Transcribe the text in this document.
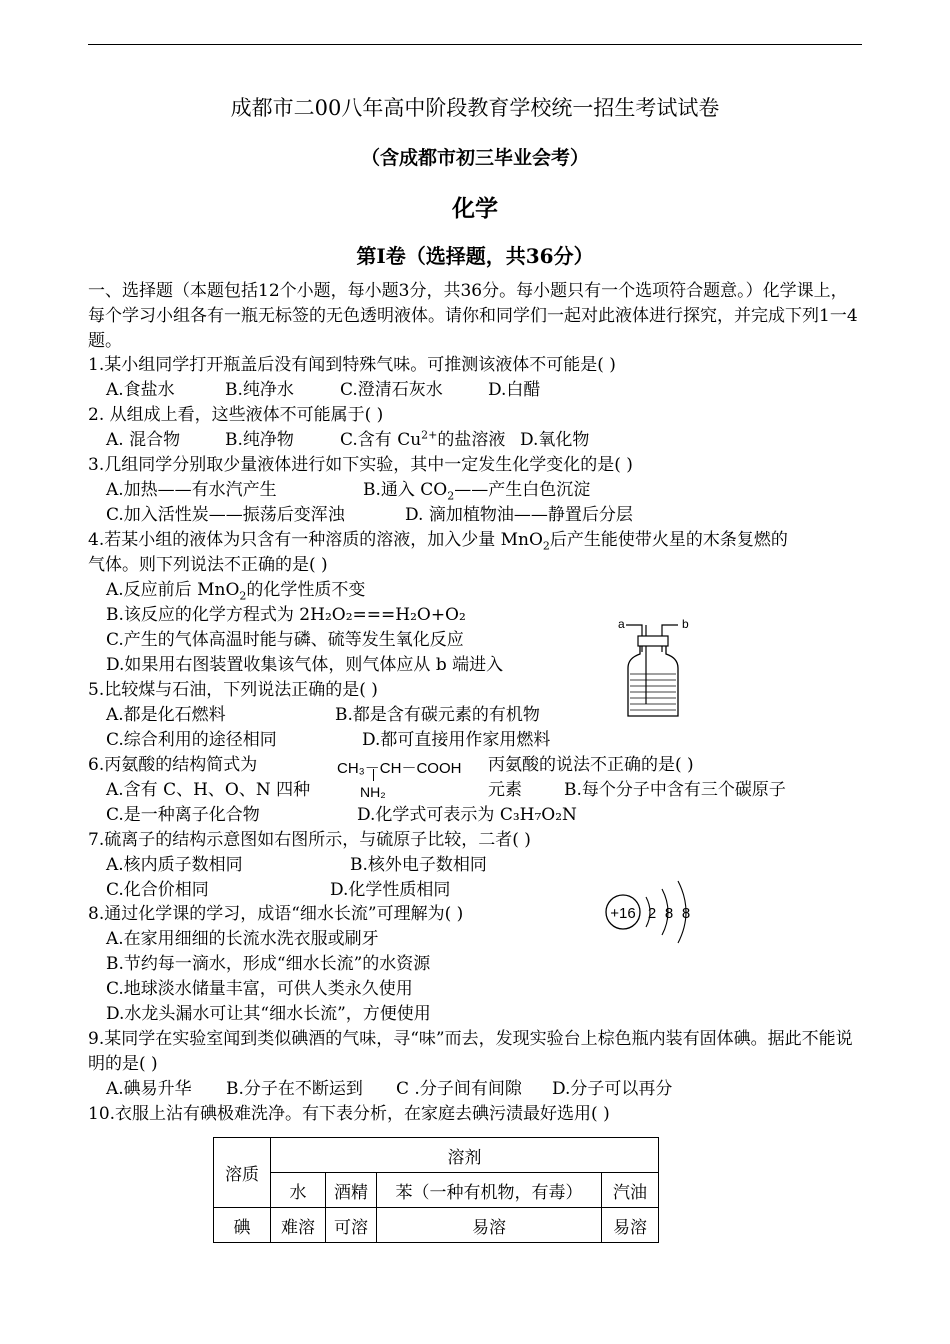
成都市二00八年高中阶段教育学校统一招生考试试卷
（含成都市初三毕业会考）
化学
第Ⅰ卷（选择题，共36分）
一、选择题（本题包括12个小题，每小题3分，共36分。每小题只有一个选项符合题意。）化学课上，每个学习小组各有一瓶无标签的无色透明液体。请你和同学们一起对此液体进行探究，并完成下列1一4题。
1.某小组同学打开瓶盖后没有闻到特殊气味。可推测该液体不可能是( )
A.食盐水	B.纯净水	C.澄清石灰水	D.白醋
2. 从组成上看，这些液体不可能属于( )
A. 混合物	B.纯净物	C.含有 $Cu^{2+}$的盐溶液 D.氧化物
3.几组同学分别取少量液体进行如下实验，其中一定发生化学变化的是( )
A.加热——有水汽产生	B.通入 $CO_2——$产生白色沉淀
C.加入活性炭——振荡后变浑浊	D. 滴加植物油——静置后分层
4.若某小组的液体为只含有一种溶质的溶液，加入少量 MnO$_2$后产生能使带火星的木条复燃的
气体。则下列说法不正确的是( )
A.反应前后 MnO$_2$的化学性质不变
B.该反应的化学方程式为 2H₂O₂===H₂O+O₂
C.产生的气体高温时能与磷、硫等发生氧化反应
D.如果用右图装置收集该气体，则气体应从 b 端进入
a	b
5.比较煤与石油，下列说法正确的是( )
A.都是化石燃料	B.都是含有碳元素的有机物
C.综合利用的途径相同	D.都可直接用作家用燃料
6.丙氨酸的结构简式为	CH₃－CH－COOH
NH₂
丙氨酸的说法不正确的是( )
A.含有 C、H、O、N 四种	元素 B.每个分子中含有三个碳原子
C.是一种离子化合物	D.化学式可表示为 C₃H₇O₂N
7.硫离子的结构示意图如右图所示，与硫原子比较，二者( )
A.核内质子数相同	B.核外电子数相同
C.化合价相同	D.化学性质相同
+16 2 8 8
8.通过化学课的学习，成语“细水长流”可理解为( )
A.在家用细细的长流水洗衣服或刷牙
B.节约每一滴水，形成“细水长流”的水资源
C.地球淡水储量丰富，可供人类永久使用
D.水龙头漏水可让其“细水长流”，方便使用
9.某同学在实验室闻到类似碘酒的气味，寻“味”而去，发现实验台上棕色瓶内装有固体碘。据此不能说明的是( )
A.碘易升华 B.分子在不断运到 C .分子间有间隙 D.分子可以再分
10.衣服上沾有碘极难洗净。有下表分析，在家庭去碘污渍最好选用( )
溶质	溶剂			
	水	酒精	苯（一种有机物，有毒）	汽油
碘	难溶	可溶	易溶	易溶
